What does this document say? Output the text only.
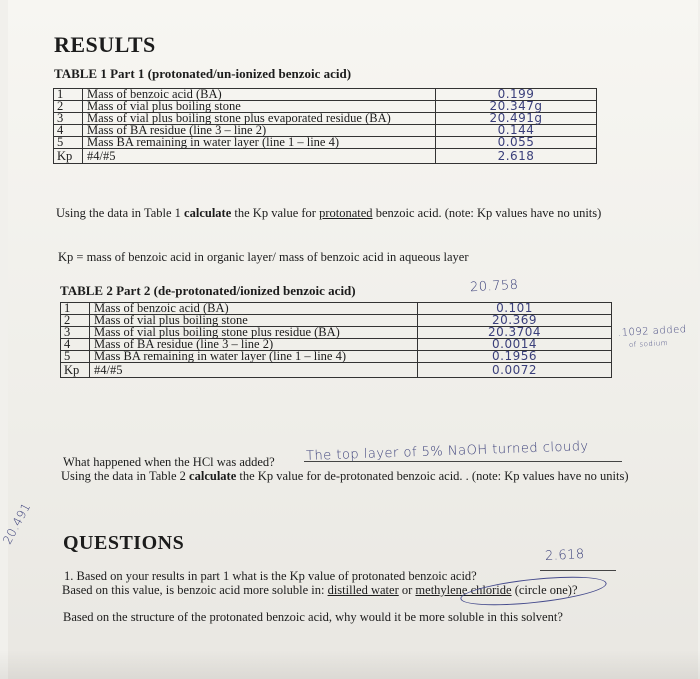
RESULTS
TABLE 1 Part 1 (protonated/un-ionized benzoic acid)
1	Mass of benzoic acid (BA)	0.199
2	Mass of vial plus boiling stone	20.347g
3	Mass of vial plus boiling stone plus evaporated residue (BA)	20.491g
4	Mass of BA residue (line 3 – line 2)	0.144
5	Mass BA remaining in water layer (line 1 – line 4)	0.055
Kp	#4/#5	2.618
Using the data in Table 1 calculate the Kp value for protonated benzoic acid. (note: Kp values have no units)
Kp = mass of benzoic acid in organic layer/ mass of benzoic acid in aqueous layer
TABLE 2 Part 2 (de-protonated/ionized benzoic acid)	20.758
1	Mass of benzoic acid (BA)	0.101
2	Mass of vial plus boiling stone	20.369
3	Mass of vial plus boiling stone plus residue (BA)	20.3704
4	Mass of BA residue (line 3 – line 2)	0.0014
5	Mass BA remaining in water layer (line 1 – line 4)	0.1956
Kp	#4/#5	0.0072
.1092 added
of sodium
What happened when the HCl was added? The top layer of 5% NaOH turned cloudy
Using the data in Table 2 calculate the Kp value for de-protonated benzoic acid. . (note: Kp values have no units)
20.491 QUESTIONS
1. Based on your results in part 1 what is the Kp value of protonated benzoic acid?
2.618
Based on this value, is benzoic acid more soluble in: distilled water or methylene chloride (circle one)?
Based on the structure of the protonated benzoic acid, why would it be more soluble in this solvent?
